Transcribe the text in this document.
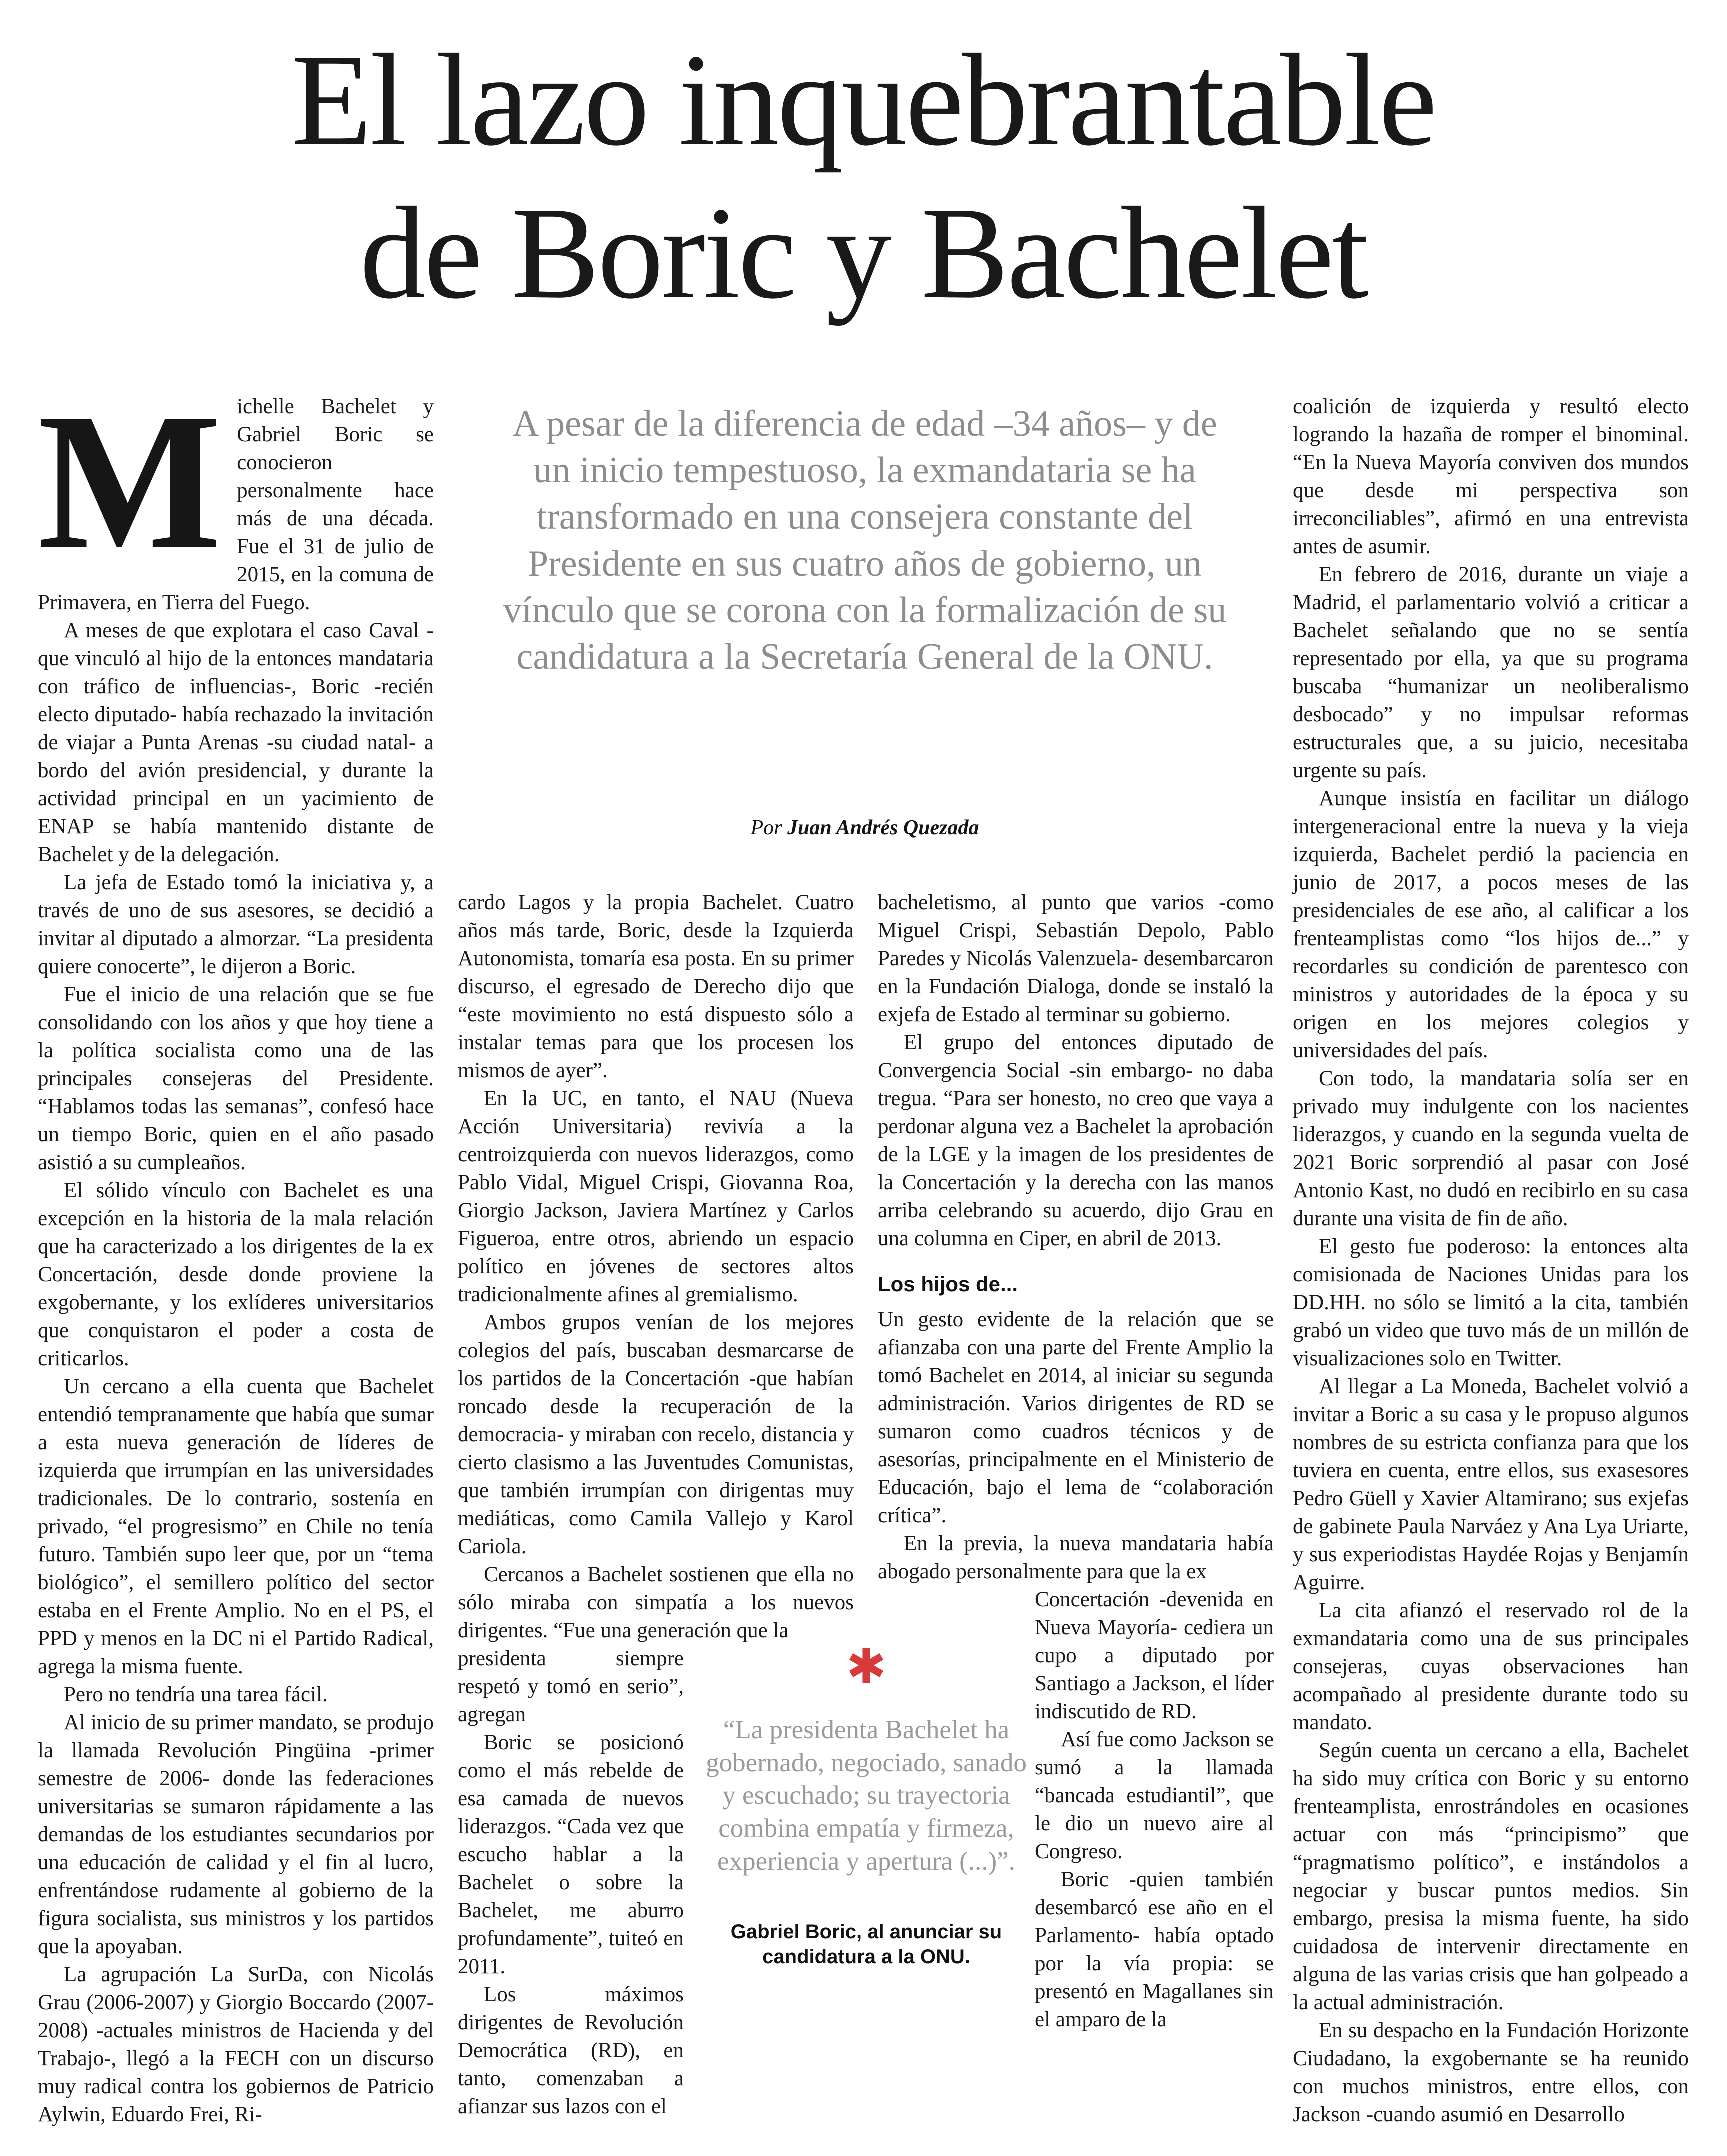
El lazo inquebrantable
de Boric y Bachelet
A pesar de la diferencia de edad –34 años– y de un inicio tempestuoso, la exmandataria se ha transformado en una consejera constante del Presidente en sus cuatro años de gobierno, un vínculo que se corona con la formalización de su candidatura a la Secretaría General de la ONU.
Por Juan Andrés Quezada

Michelle Bachelet y Gabriel Boric se conocieron personalmente hace más de una década. Fue el 31 de julio de 2015, en la comuna de Primavera, en Tierra del Fuego.

A meses de que explotara el caso Caval -que vinculó al hijo de la entonces mandataria con tráfico de influencias-, Boric -recién electo diputado- había rechazado la invitación de viajar a Punta Arenas -su ciudad natal- a bordo del avión presidencial, y durante la actividad principal en un yacimiento de ENAP se había mantenido distante de Bachelet y de la delegación.

La jefa de Estado tomó la iniciativa y, a través de uno de sus asesores, se decidió a invitar al diputado a almorzar. “La presidenta quiere conocerte”, le dijeron a Boric.

Fue el inicio de una relación que se fue consolidando con los años y que hoy tiene a la política socialista como una de las principales consejeras del Presidente. “Hablamos todas las semanas”, confesó hace un tiempo Boric, quien en el año pasado asistió a su cumpleaños.

El sólido vínculo con Bachelet es una excepción en la historia de la mala relación que ha caracterizado a los dirigentes de la ex Concertación, desde donde proviene la exgobernante, y los exlíderes universitarios que conquistaron el poder a costa de criticarlos.

Un cercano a ella cuenta que Bachelet entendió tempranamente que había que sumar a esta nueva generación de líderes de izquierda que irrumpían en las universidades tradicionales. De lo contrario, sostenía en privado, “el progresismo” en Chile no tenía futuro. También supo leer que, por un “tema biológico”, el semillero político del sector estaba en el Frente Amplio. No en el PS, el PPD y menos en la DC ni el Partido Radical, agrega la misma fuente.

Pero no tendría una tarea fácil.

Al inicio de su primer mandato, se produjo la llamada Revolución Pingüina -primer semestre de 2006- donde las federaciones universitarias se sumaron rápidamente a las demandas de los estudiantes secundarios por una educación de calidad y el fin al lucro, enfrentándose rudamente al gobierno de la figura socialista, sus ministros y los partidos que la apoyaban.

La agrupación La SurDa, con Nicolás Grau (2006-2007) y Giorgio Boccardo (2007-2008) -actuales ministros de Hacienda y del Trabajo-, llegó a la FECH con un discurso muy radical contra los gobiernos de Patricio Aylwin, Eduardo Frei, Ri-

cardo Lagos y la propia Bachelet. Cuatro años más tarde, Boric, desde la Izquierda Autonomista, tomaría esa posta. En su primer discurso, el egresado de Derecho dijo que “este movimiento no está dispuesto sólo a instalar temas para que los procesen los mismos de ayer”.

En la UC, en tanto, el NAU (Nueva Acción Universitaria) revivía a la centroizquierda con nuevos liderazgos, como Pablo Vidal, Miguel Crispi, Giovanna Roa, Giorgio Jackson, Javiera Martínez y Carlos Figueroa, entre otros, abriendo un espacio político en jóvenes de sectores altos tradicionalmente afines al gremialismo.

Ambos grupos venían de los mejores colegios del país, buscaban desmarcarse de los partidos de la Concertación -que habían roncado desde la recuperación de la democracia- y miraban con recelo, distancia y cierto clasismo a las Juventudes Comunistas, que también irrumpían con dirigentas muy mediáticas, como Camila Vallejo y Karol Cariola.

Cercanos a Bachelet sostienen que ella no sólo miraba con simpatía a los nuevos dirigentes. “Fue una generación que la

presidenta siempre respetó y tomó en serio”, agregan

Boric se posicionó como el más rebelde de esa camada de nuevos liderazgos. “Cada vez que escucho hablar a la Bachelet o sobre la Bachelet, me aburro profundamente”, tuiteó en 2011.

Los máximos dirigentes de Revolución Democrática (RD), en tanto, comenzaban a afianzar sus lazos con el

bacheletismo, al punto que varios -como Miguel Crispi, Sebastián Depolo, Pablo Paredes y Nicolás Valenzuela- desembarcaron en la Fundación Dialoga, donde se instaló la exjefa de Estado al terminar su gobierno.

El grupo del entonces diputado de Convergencia Social -sin embargo- no daba tregua. “Para ser honesto, no creo que vaya a perdonar alguna vez a Bachelet la aprobación de la LGE y la imagen de los presidentes de la Concertación y la derecha con las manos arriba celebrando su acuerdo, dijo Grau en una columna en Ciper, en abril de 2013.

Los hijos de...

Un gesto evidente de la relación que se afianzaba con una parte del Frente Amplio la tomó Bachelet en 2014, al iniciar su segunda administración. Varios dirigentes de RD se sumaron como cuadros técnicos y de asesorías, principalmente en el Ministerio de Educación, bajo el lema de “colaboración crítica”.

En la previa, la nueva mandataria había abogado personalmente para que la ex

Concertación -devenida en Nueva Mayoría- cediera un cupo a diputado por Santiago a Jackson, el líder indiscutido de RD.

Así fue como Jackson se sumó a la llamada “bancada estudiantil”, que le dio un nuevo aire al Congreso.

Boric -quien también desembarcó ese año en el Parlamento- había optado por la vía propia: se presentó en Magallanes sin el amparo de la

coalición de izquierda y resultó electo logrando la hazaña de romper el binominal. “En la Nueva Mayoría conviven dos mundos que desde mi perspectiva son irreconciliables”, afirmó en una entrevista antes de asumir.

En febrero de 2016, durante un viaje a Madrid, el parlamentario volvió a criticar a Bachelet señalando que no se sentía representado por ella, ya que su programa buscaba “humanizar un neoliberalismo desbocado” y no impulsar reformas estructurales que, a su juicio, necesitaba urgente su país.

Aunque insistía en facilitar un diálogo intergeneracional entre la nueva y la vieja izquierda, Bachelet perdió la paciencia en junio de 2017, a pocos meses de las presidenciales de ese año, al calificar a los frenteamplistas como “los hijos de...” y recordarles su condición de parentesco con ministros y autoridades de la época y su origen en los mejores colegios y universidades del país.

Con todo, la mandataria solía ser en privado muy indulgente con los nacientes liderazgos, y cuando en la segunda vuelta de 2021 Boric sorprendió al pasar con José Antonio Kast, no dudó en recibirlo en su casa durante una visita de fin de año.

El gesto fue poderoso: la entonces alta comisionada de Naciones Unidas para los DD.HH. no sólo se limitó a la cita, también grabó un video que tuvo más de un millón de visualizaciones solo en Twitter.

Al llegar a La Moneda, Bachelet volvió a invitar a Boric a su casa y le propuso algunos nombres de su estricta confianza para que los tuviera en cuenta, entre ellos, sus exasesores Pedro Güell y Xavier Altamirano; sus exjefas de gabinete Paula Narváez y Ana Lya Uriarte, y sus experiodistas Haydée Rojas y Benjamín Aguirre.

La cita afianzó el reservado rol de la exmandataria como una de sus principales consejeras, cuyas observaciones han acompañado al presidente durante todo su mandato.

Según cuenta un cercano a ella, Bachelet ha sido muy crítica con Boric y su entorno frenteamplista, enrostrándoles en ocasiones actuar con más “principismo” que “pragmatismo político”, e instándolos a negociar y buscar puntos medios. Sin embargo, presisa la misma fuente, ha sido cuidadosa de intervenir directamente en alguna de las varias crisis que han golpeado a la actual administración.

En su despacho en la Fundación Horizonte Ciudadano, la exgobernante se ha reunido con muchos ministros, entre ellos, con Jackson -cuando asumió en Desarrollo

✱
“La presidenta Bachelet ha gobernado, negociado, sanado y escuchado; su trayectoria combina empatía y firmeza, experiencia y apertura (...)”.
Gabriel Boric, al anunciar su candidatura a la ONU.
